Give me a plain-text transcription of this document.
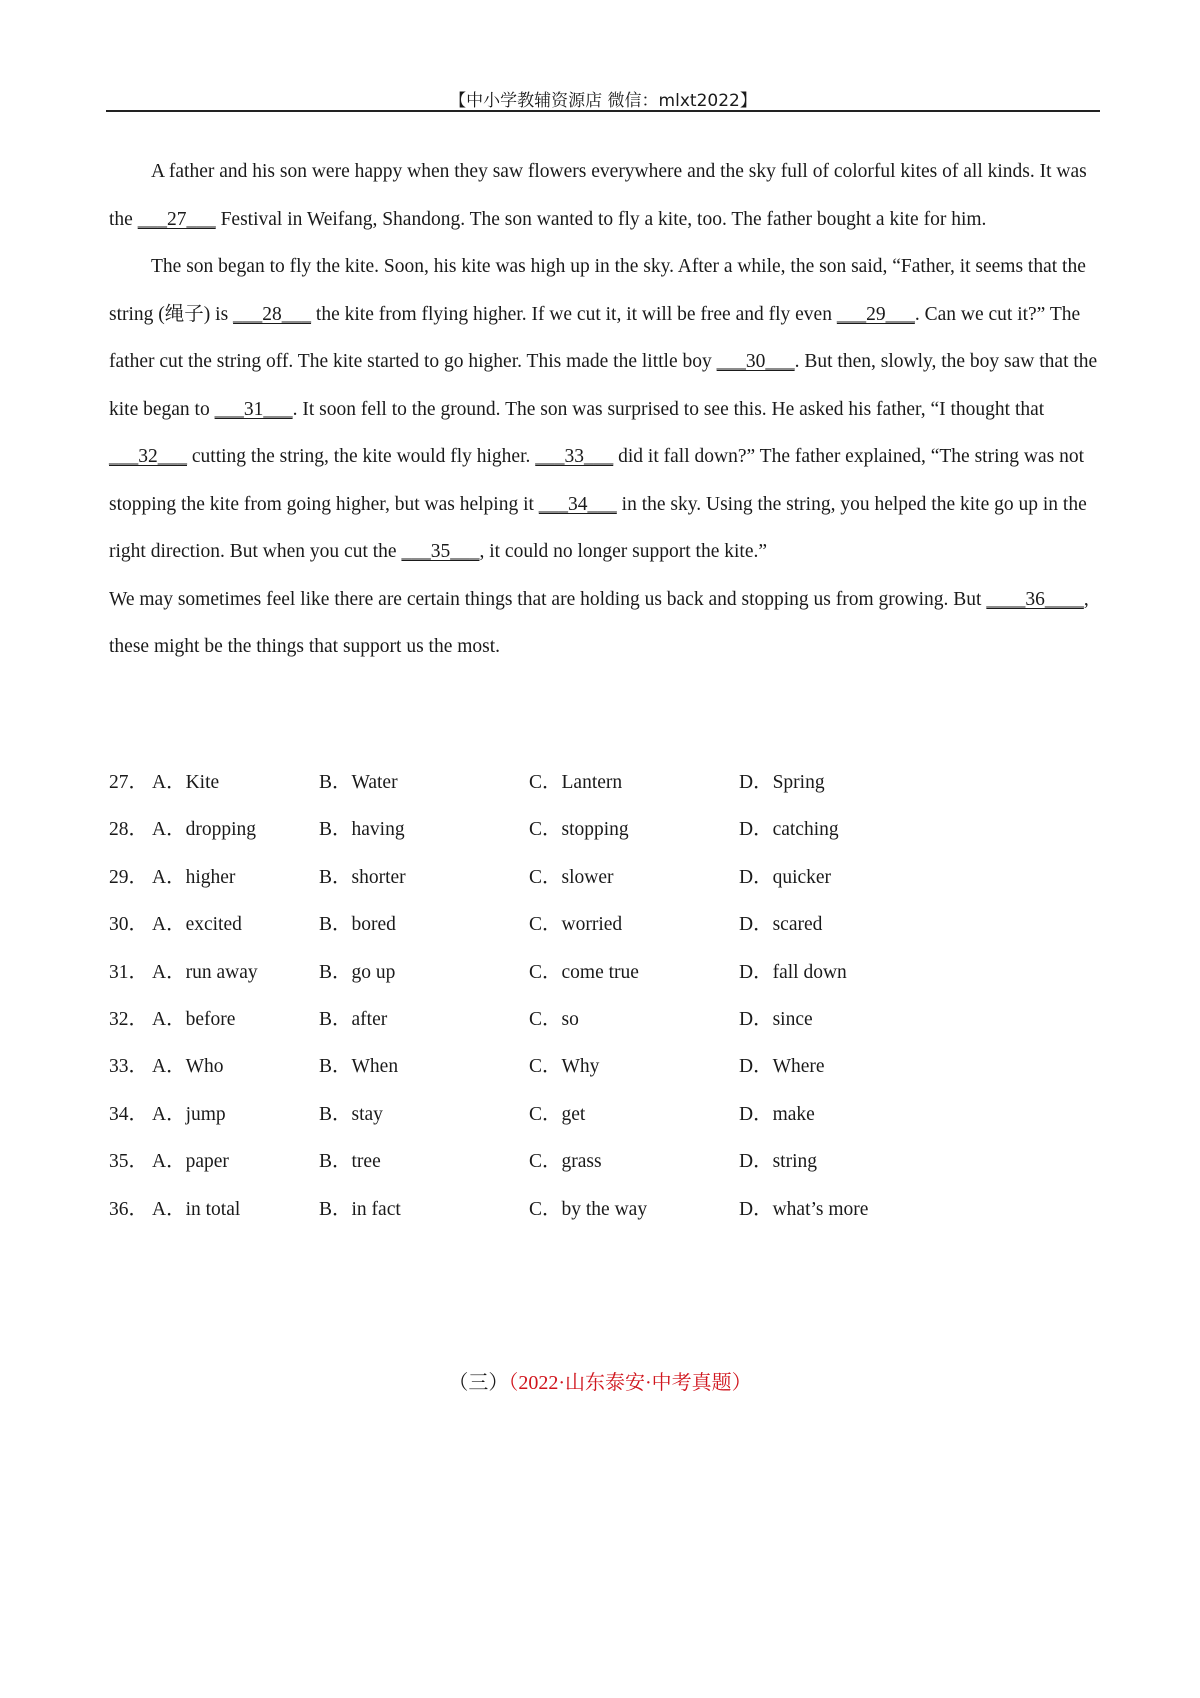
【中小学教辅资源店 微信：mlxt2022】

A father and his son were happy when they saw flowers everywhere and the sky full of colorful kites of all kinds. It was the ___27___ Festival in Weifang, Shandong. The son wanted to fly a kite, too. The father bought a kite for him.

The son began to fly the kite. Soon, his kite was high up in the sky. After a while, the son said, “Father, it seems that the string (绳子) is ___28___ the kite from flying higher. If we cut it, it will be free and fly even ___29___. Can we cut it?” The father cut the string off. The kite started to go higher. This made the little boy ___30___. But then, slowly, the boy saw that the kite began to ___31___. It soon fell to the ground. The son was surprised to see this. He asked his father, “I thought that ___32___ cutting the string, the kite would fly higher. ___33___ did it fall down?” The father explained, “The string was not stopping the kite from going higher, but was helping it ___34___ in the sky. Using the string, you helped the kite go up in the right direction. But when you cut the ___35___, it could no longer support the kite.”

We may sometimes feel like there are certain things that are holding us back and stopping us from growing. But ____36____, these might be the things that support us the most.

27． A．Kite	B．Water	C．Lantern	D．Spring
28． A．dropping	B．having	C．stopping	D．catching
29． A．higher	B．shorter	C．slower	D．quicker
30． A．excited	B．bored	C．worried	D．scared
31． A．run away	B．go up	C．come true	D．fall down
32． A．before	B．after	C．so	D．since
33． A．Who	B．When	C．Why	D．Where
34． A．jump	B．stay	C．get	D．make
35． A．paper	B．tree	C．grass	D．string
36． A．in total	B．in fact	C．by the way	D．what’s more
（三）（2022·山东泰安·中考真题）
